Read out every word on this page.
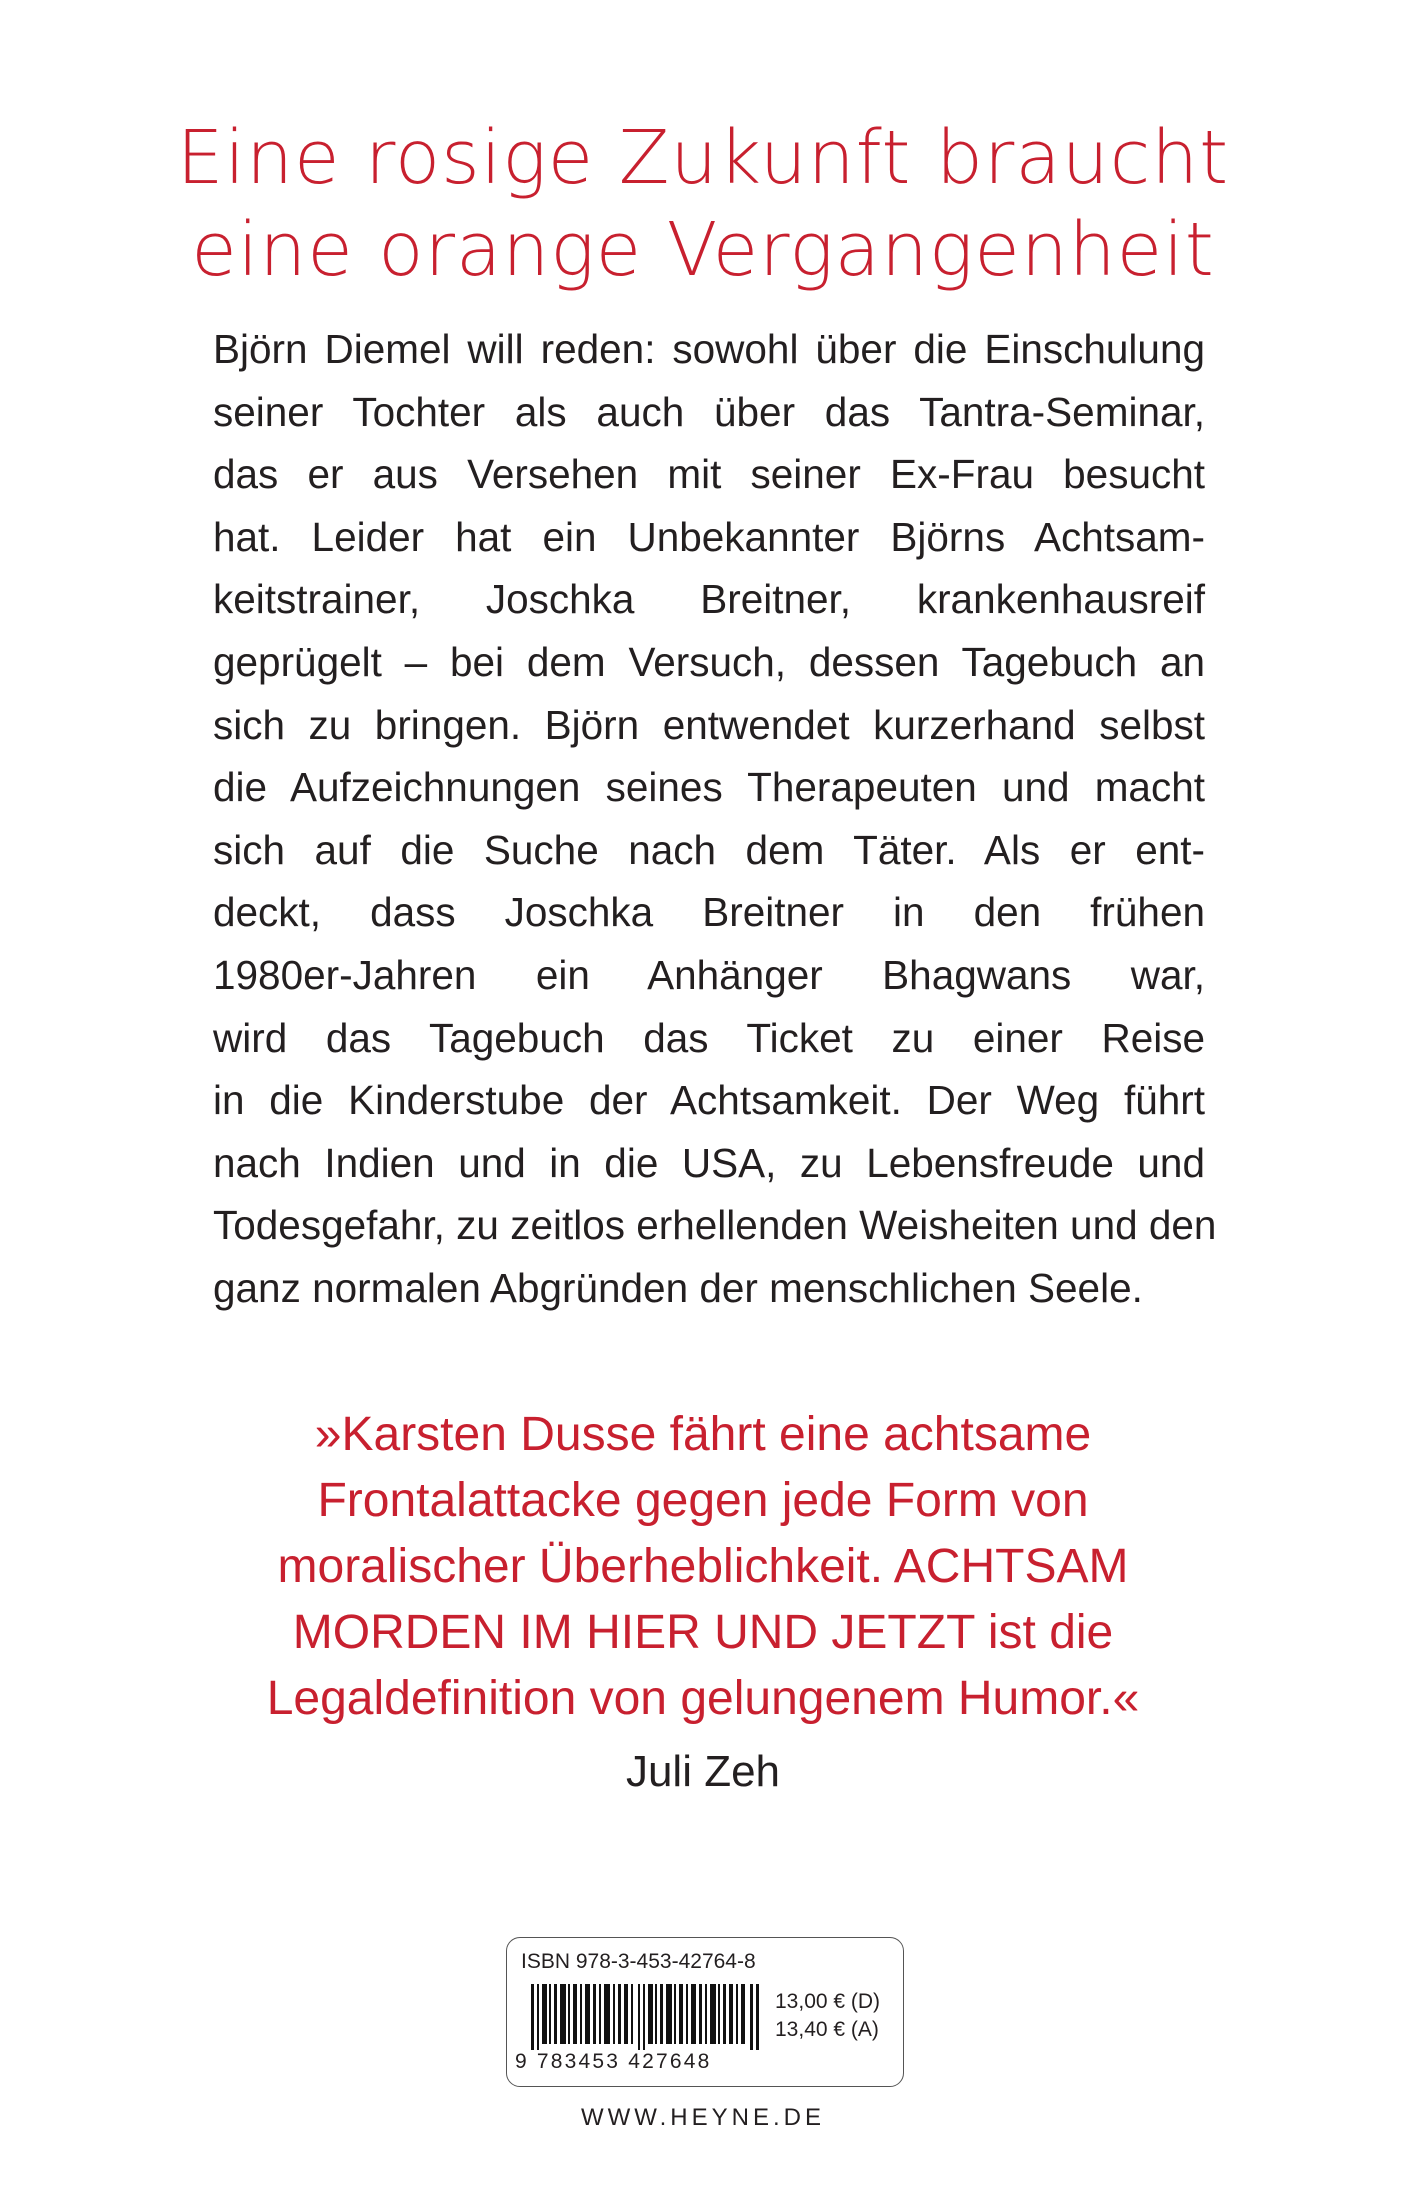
Eine rosige Zukunft braucht
eine orange Vergangenheit
Björn Diemel will reden: sowohl über die Einschulung
seiner Tochter als auch über das Tantra-Seminar,
das er aus Versehen mit seiner Ex-Frau besucht
hat. Leider hat ein Unbekannter Björns Achtsam-
keitstrainer, Joschka Breitner, krankenhausreif
geprügelt – bei dem Versuch, dessen Tagebuch an
sich zu bringen. Björn entwendet kurzerhand selbst
die Aufzeichnungen seines Therapeuten und macht
sich auf die Suche nach dem Täter. Als er ent-
deckt, dass Joschka Breitner in den frühen
1980er-Jahren ein Anhänger Bhagwans war,
wird das Tagebuch das Ticket zu einer Reise
in die Kinderstube der Achtsamkeit. Der Weg führt
nach Indien und in die USA, zu Lebensfreude und
Todesgefahr, zu zeitlos erhellenden Weisheiten und den
ganz normalen Abgründen der menschlichen Seele.
»Karsten Dusse fährt eine achtsame
Frontalattacke gegen jede Form von
moralischer Überheblichkeit. ACHTSAM
MORDEN IM HIER UND JETZT ist die
Legaldefinition von gelungenem Humor.«
Juli Zeh
ISBN 978-3-453-42764-8
9 783453 427648
13,00 € (D)
13,40 € (A)
WWW.HEYNE.DE
